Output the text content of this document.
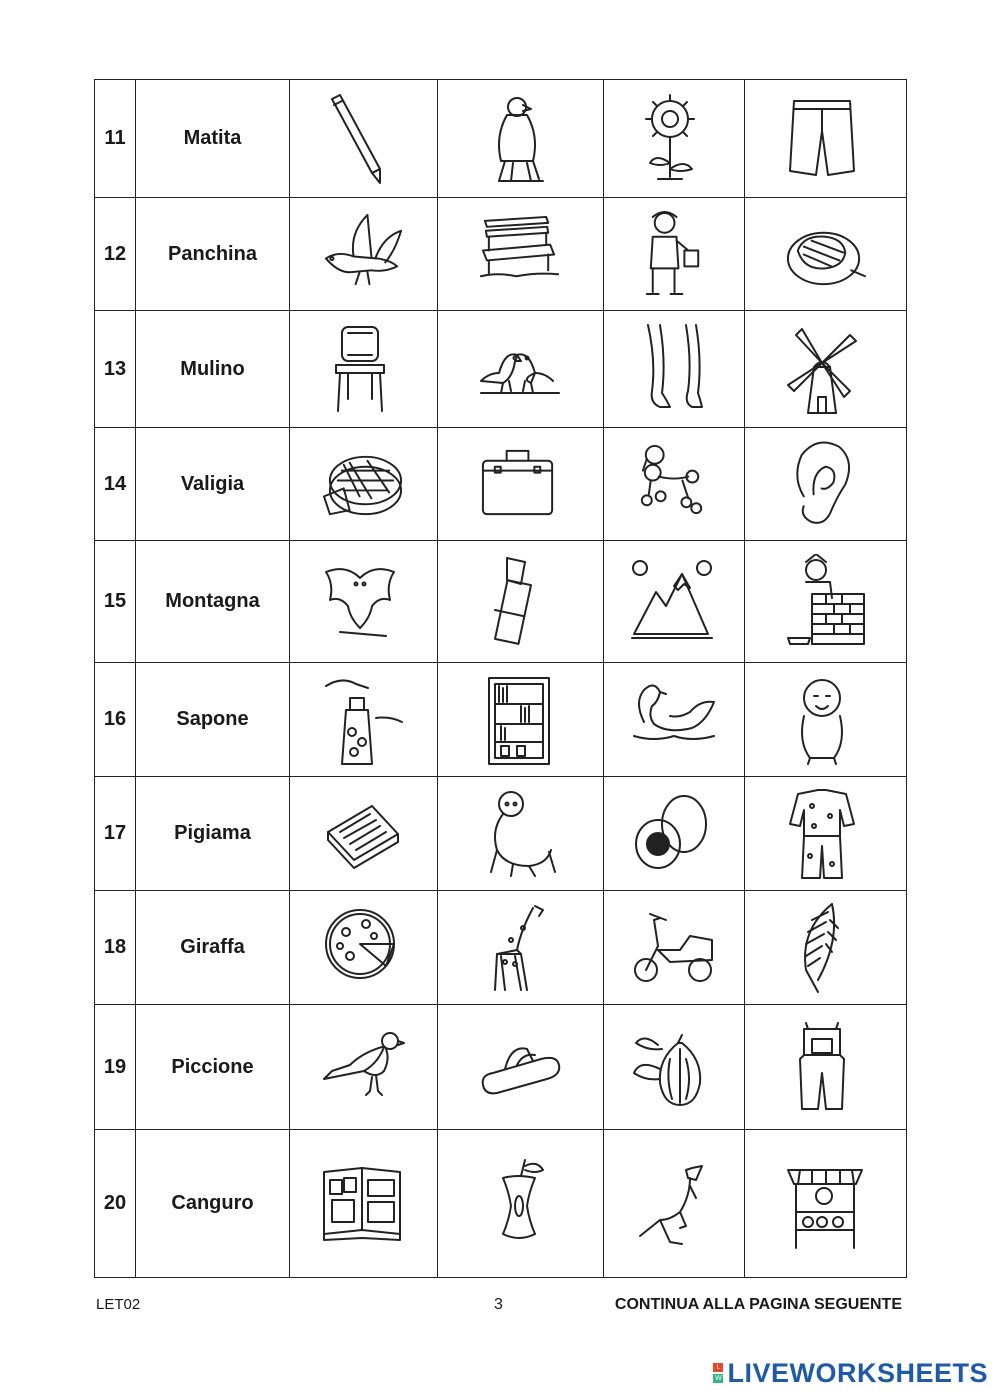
11	Matita	

12	Panchina	

13	Mulino	

14	Valigia	

15	Montagna	

16	Sapone	

17	Pigiama	

18	Giraffa	

19	Piccione	

20	Canguro	

LET02	3	CONTINUA ALLA PAGINA SEGUENTE
L
W LIVEWORKSHEETS
